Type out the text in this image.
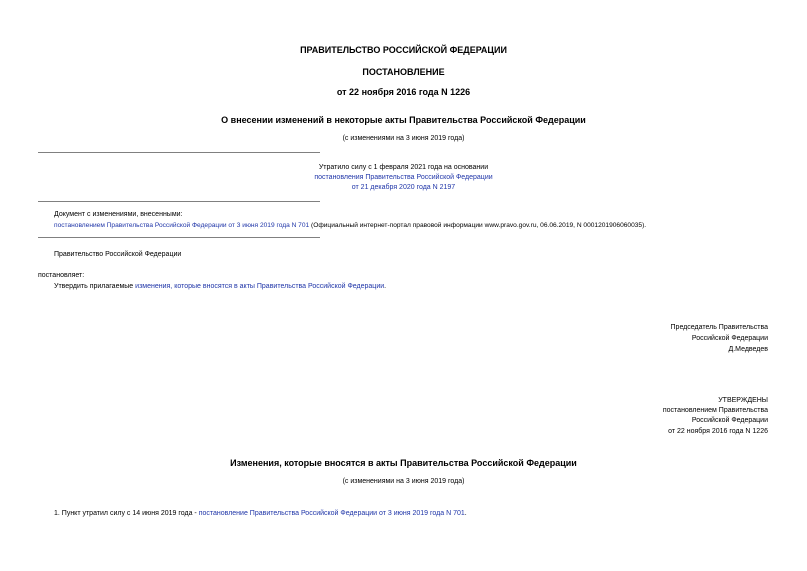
ПРАВИТЕЛЬСТВО РОССИЙСКОЙ ФЕДЕРАЦИИ
ПОСТАНОВЛЕНИЕ
от 22 ноября 2016 года N 1226
О внесении изменений в некоторые акты Правительства Российской Федерации
(с изменениями на 3 июня 2019 года)
Утратило силу с 1 февраля 2021 года на основании
постановления Правительства Российской Федерации
от 21 декабря 2020 года N 2197
Документ с изменениями, внесенными:
постановлением Правительства Российской Федерации от 3 июня 2019 года N 701 (Официальный интернет-портал правовой информации www.pravo.gov.ru, 06.06.2019, N 0001201906060035).
Правительство Российской Федерации
постановляет:
Утвердить прилагаемые изменения, которые вносятся в акты Правительства Российской Федерации.
Председатель Правительства
Российской Федерации
Д.Медведев
УТВЕРЖДЕНЫ
постановлением Правительства
Российской Федерации
от 22 ноября 2016 года N 1226
Изменения, которые вносятся в акты Правительства Российской Федерации
(с изменениями на 3 июня 2019 года)
1. Пункт утратил силу с 14 июня 2019 года - постановление Правительства Российской Федерации от 3 июня 2019 года N 701.
